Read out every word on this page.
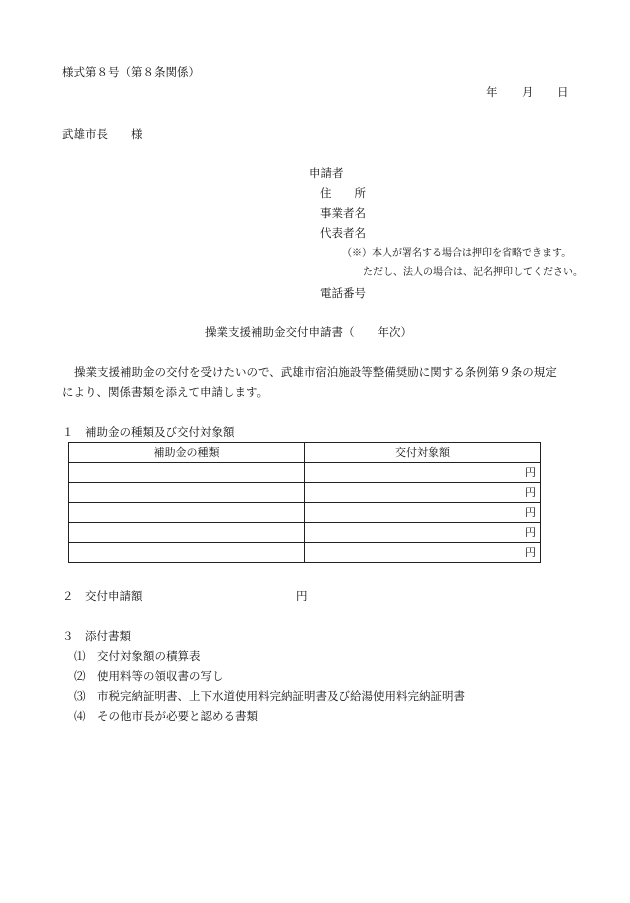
様式第８号（第８条関係）
年 月 日
武雄市長　　様
申請者
住　　所
事業者名
代表者名
（※）本人が署名する場合は押印を省略できます。
ただし、法人の場合は、記名押印してください。
電話番号
操業支援補助金交付申請書（　　年次）
操業支援補助金の交付を受けたいので、武雄市宿泊施設等整備奨励に関する条例第９条の規定
により、関係書類を添えて申請します。
１　補助金の種類及び交付対象額
補助金の種類	交付対象額
	円
	円
	円
	円
	円
２　交付申請額	円
３　添付書類
⑴　交付対象額の積算表
⑵　使用料等の領収書の写し
⑶　市税完納証明書、上下水道使用料完納証明書及び給湯使用料完納証明書
⑷　その他市長が必要と認める書類
